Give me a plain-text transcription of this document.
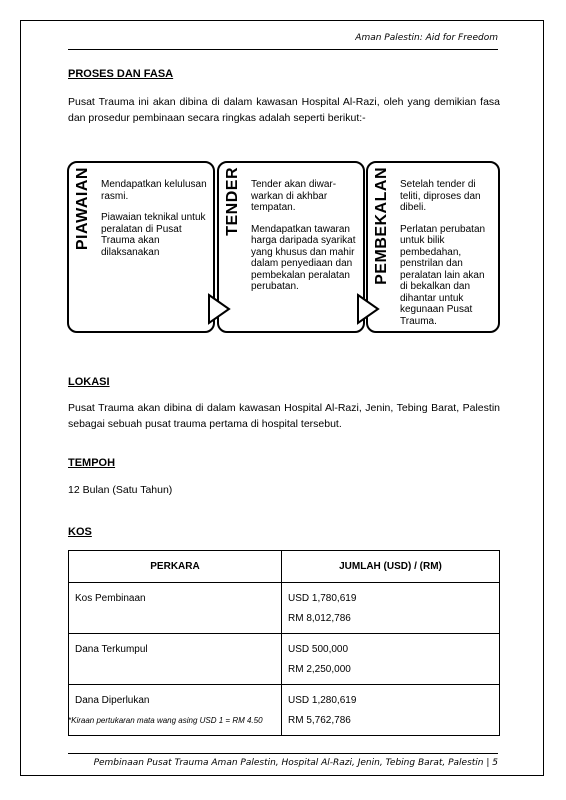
Aman Palestin: Aid for Freedom
PROSES DAN FASA
Pusat Trauma ini akan dibina di dalam kawasan Hospital Al-Razi, oleh yang demikian fasa dan prosedur pembinaan secara ringkas adalah seperti berikut:-
PIAWAIAN Mendapatkan kelulusan rasmi.
Piawaian teknikal untuk peralatan di Pusat Trauma akan dilaksanakan
TENDER Tender akan diwar-warkan di akhbar tempatan.
Mendapatkan tawaran harga daripada syarikat yang khusus dan mahir dalam penyediaan dan pembekalan peralatan perubatan.
PEMBEKALAN Setelah tender di teliti, diproses dan dibeli.
Perlatan perubatan untuk bilik pembedahan, penstrilan dan peralatan lain akan di bekalkan dan dihantar untuk kegunaan Pusat Trauma.
LOKASI
Pusat Trauma akan dibina di dalam kawasan Hospital Al-Razi, Jenin, Tebing Barat, Palestin sebagai sebuah pusat trauma pertama di hospital tersebut.
TEMPOH
12 Bulan (Satu Tahun)
KOS
PERKARA	JUMLAH (USD) / (RM)
Kos Pembinaan	USD 1,780,619
RM 8,012,786

Dana Terkumpul	USD 500,000
RM 2,250,000

Dana Diperlukan	USD 1,280,619
RM 5,762,786
*Kiraan pertukaran mata wang asing USD 1 = RM 4.50
Pembinaan Pusat Trauma Aman Palestin, Hospital Al-Razi, Jenin, Tebing Barat, Palestin | 5
